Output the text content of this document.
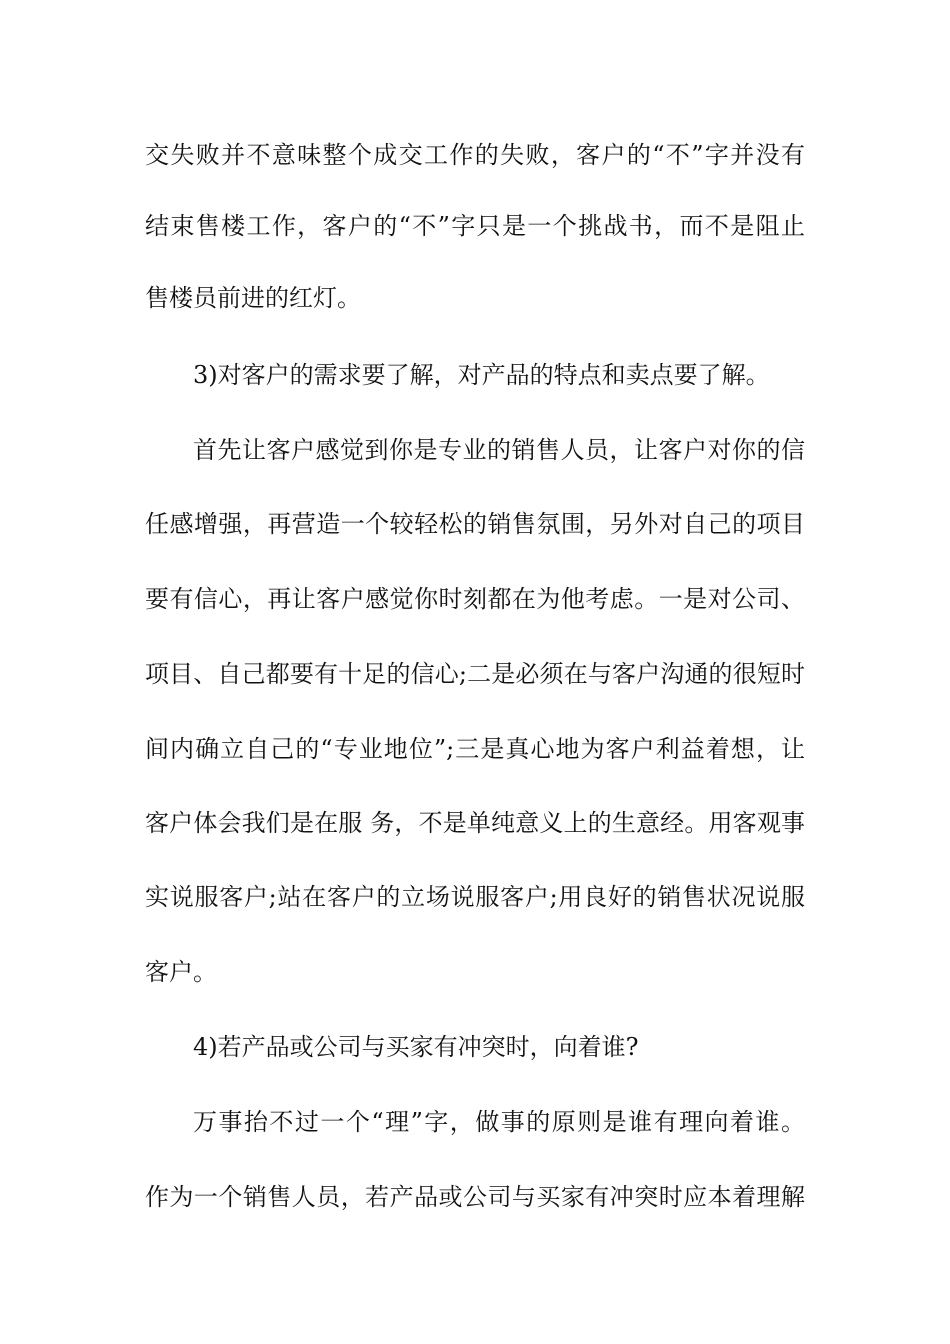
交失败并不意味整个成交工作的失败，客户的“不”字并没有
结束售楼工作，客户的“不”字只是一个挑战书，而不是阻止
售楼员前进的红灯。
3)对客户的需求要了解，对产品的特点和卖点要了解。
首先让客户感觉到你是专业的销售人员，让客户对你的信
任感增强，再营造一个较轻松的销售氛围，另外对自己的项目
要有信心，再让客户感觉你时刻都在为他考虑。一是对公司、
项目、自己都要有十足的信心;二是必须在与客户沟通的很短时
间内确立自己的“专业地位”;三是真心地为客户利益着想，让
客户体会我们是在服 务，不是单纯意义上的生意经。用客观事
实说服客户;站在客户的立场说服客户;用良好的销售状况说服
客户。
4)若产品或公司与买家有冲突时，向着谁?
万事抬不过一个“理”字，做事的原则是谁有理向着谁。
作为一个销售人员，若产品或公司与买家有冲突时应本着理解
